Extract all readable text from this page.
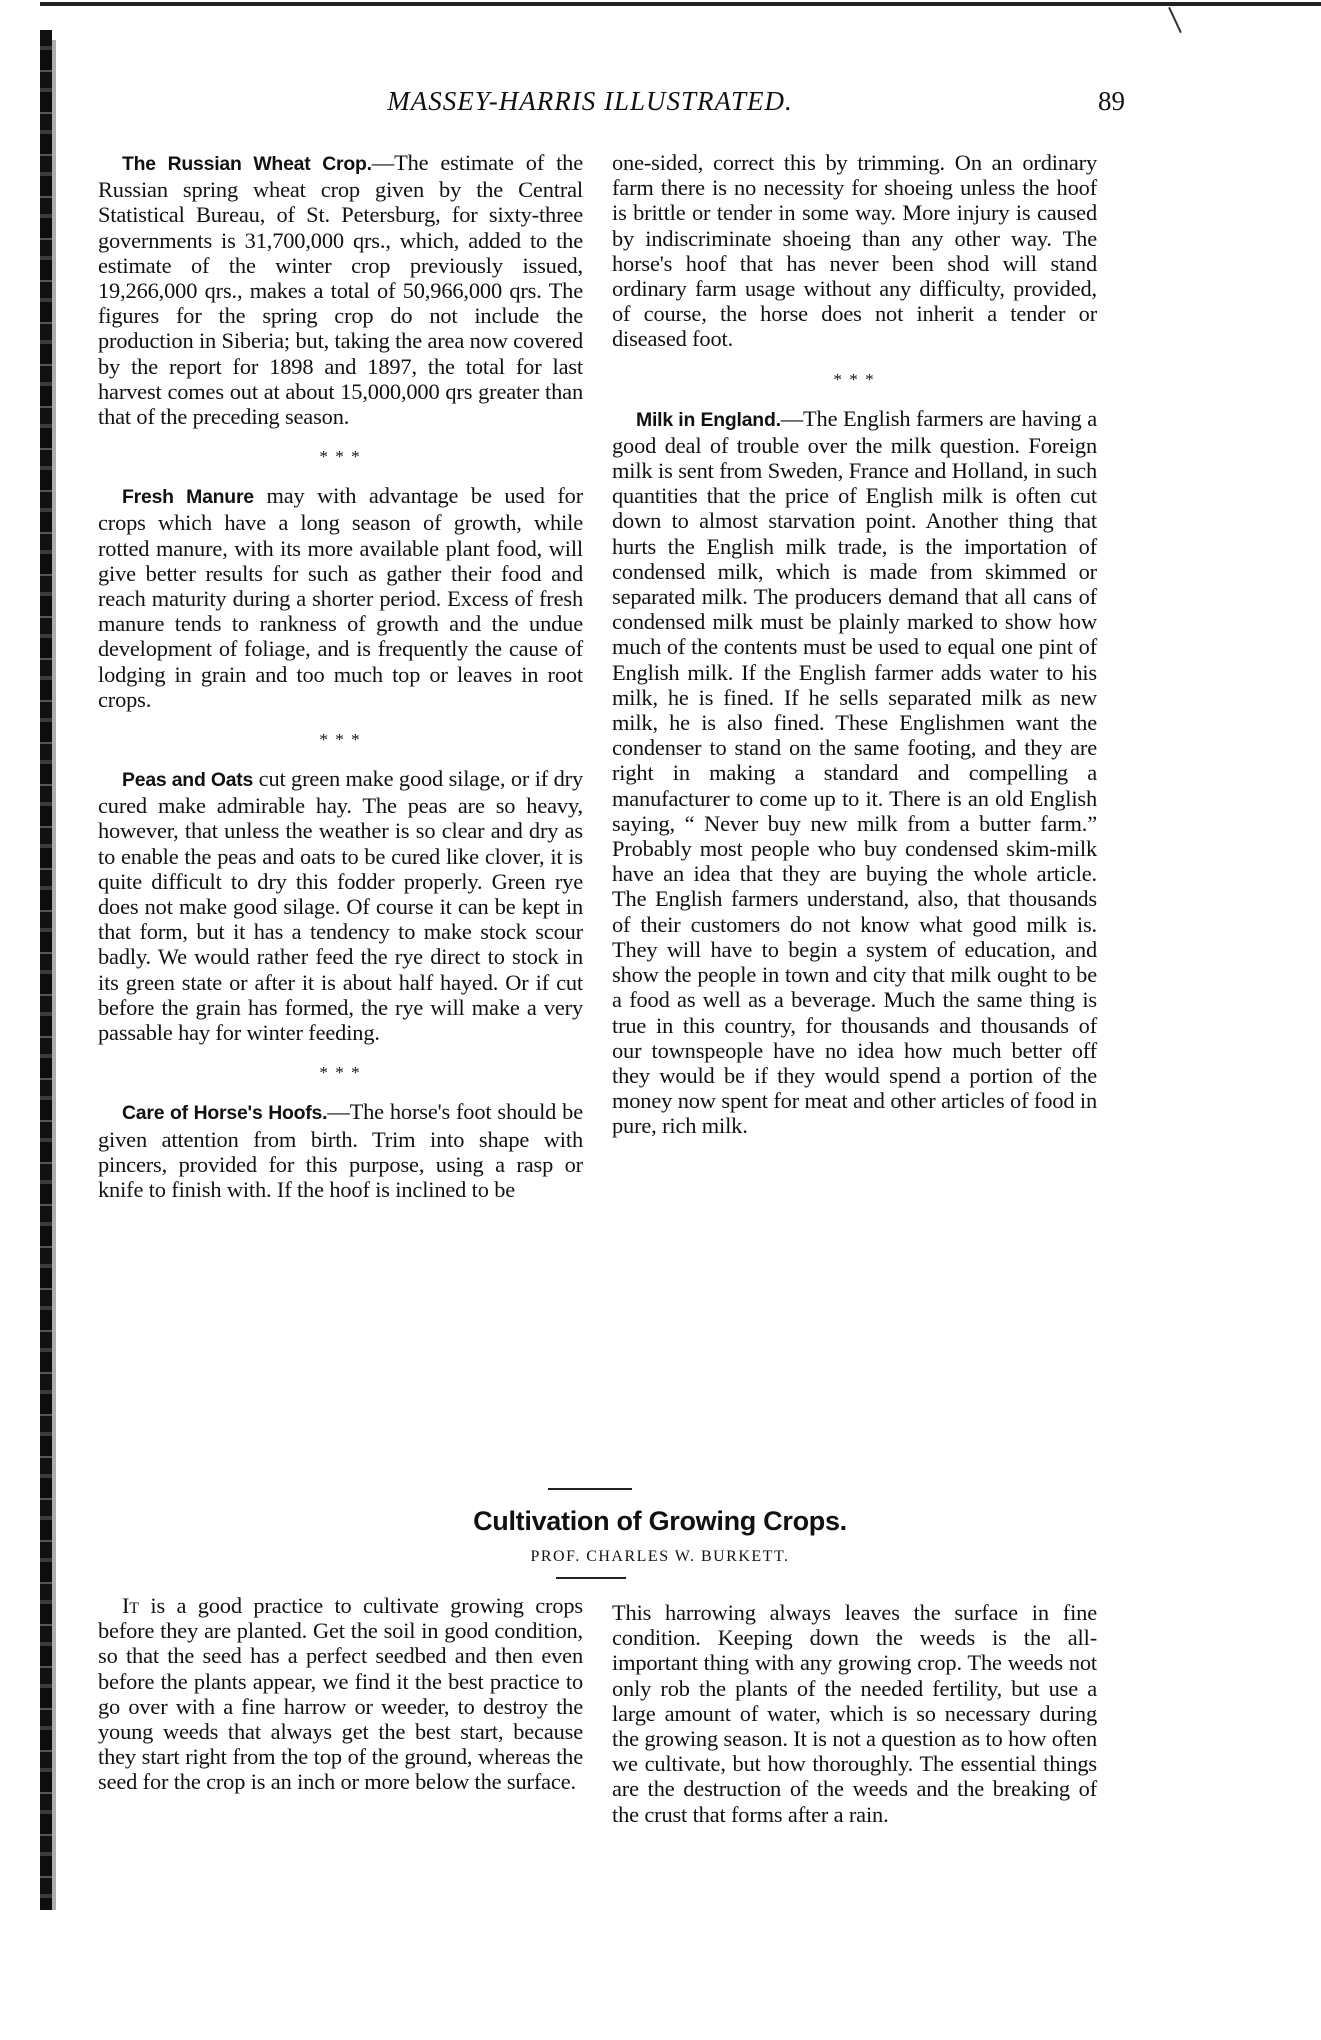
MASSEY-HARRIS ILLUSTRATED.	89

The Russian Wheat Crop.—The estimate of the Russian spring wheat crop given by the Central Statistical Bureau, of St. Petersburg, for sixty-three governments is 31,700,000 qrs., which, added to the estimate of the winter crop previously issued, 19,266,000 qrs., makes a total of 50,966,000 qrs. The figures for the spring crop do not include the production in Siberia; but, taking the area now covered by the report for 1898 and 1897, the total for last harvest comes out at about 15,000,000 qrs greater than that of the preceding season.

* * *

Fresh Manure may with advantage be used for crops which have a long season of growth, while rotted manure, with its more available plant food, will give better results for such as gather their food and reach maturity during a shorter period. Excess of fresh manure tends to rankness of growth and the undue development of foliage, and is frequently the cause of lodging in grain and too much top or leaves in root crops.

* * *

Peas and Oats cut green make good silage, or if dry cured make admirable hay. The peas are so heavy, however, that unless the weather is so clear and dry as to enable the peas and oats to be cured like clover, it is quite difficult to dry this fodder properly. Green rye does not make good silage. Of course it can be kept in that form, but it has a tendency to make stock scour badly. We would rather feed the rye direct to stock in its green state or after it is about half hayed. Or if cut before the grain has formed, the rye will make a very passable hay for winter feeding.

* * *

Care of Horse's Hoofs.—The horse's foot should be given attention from birth. Trim into shape with pincers, provided for this purpose, using a rasp or knife to finish with. If the hoof is inclined to be

one-sided, correct this by trimming. On an ordinary farm there is no necessity for shoeing unless the hoof is brittle or tender in some way. More injury is caused by indiscriminate shoeing than any other way. The horse's hoof that has never been shod will stand ordinary farm usage without any difficulty, provided, of course, the horse does not inherit a tender or diseased foot.

* * *

Milk in England.—The English farmers are having a good deal of trouble over the milk question. Foreign milk is sent from Sweden, France and Holland, in such quantities that the price of English milk is often cut down to almost starvation point. Another thing that hurts the English milk trade, is the importation of condensed milk, which is made from skimmed or separated milk. The producers demand that all cans of condensed milk must be plainly marked to show how much of the contents must be used to equal one pint of English milk. If the English farmer adds water to his milk, he is fined. If he sells separated milk as new milk, he is also fined. These Englishmen want the condenser to stand on the same footing, and they are right in making a standard and compelling a manufacturer to come up to it. There is an old English saying, “ Never buy new milk from a butter farm.” Probably most people who buy condensed skim-milk have an idea that they are buying the whole article. The English farmers understand, also, that thousands of their customers do not know what good milk is. They will have to begin a system of education, and show the people in town and city that milk ought to be a food as well as a beverage. Much the same thing is true in this country, for thousands and thousands of our townspeople have no idea how much better off they would be if they would spend a portion of the money now spent for meat and other articles of food in pure, rich milk.

Cultivation of Growing Crops.
PROF. CHARLES W. BURKETT.

It is a good practice to cultivate growing crops before they are planted. Get the soil in good condition, so that the seed has a perfect seedbed and then even before the plants appear, we find it the best practice to go over with a fine harrow or weeder, to destroy the young weeds that always get the best start, because they start right from the top of the ground, whereas the seed for the crop is an inch or more below the surface.

This harrowing always leaves the surface in fine condition. Keeping down the weeds is the all-important thing with any growing crop. The weeds not only rob the plants of the needed fertility, but use a large amount of water, which is so necessary during the growing season. It is not a question as to how often we cultivate, but how thoroughly. The essential things are the destruction of the weeds and the breaking of the crust that forms after a rain.
